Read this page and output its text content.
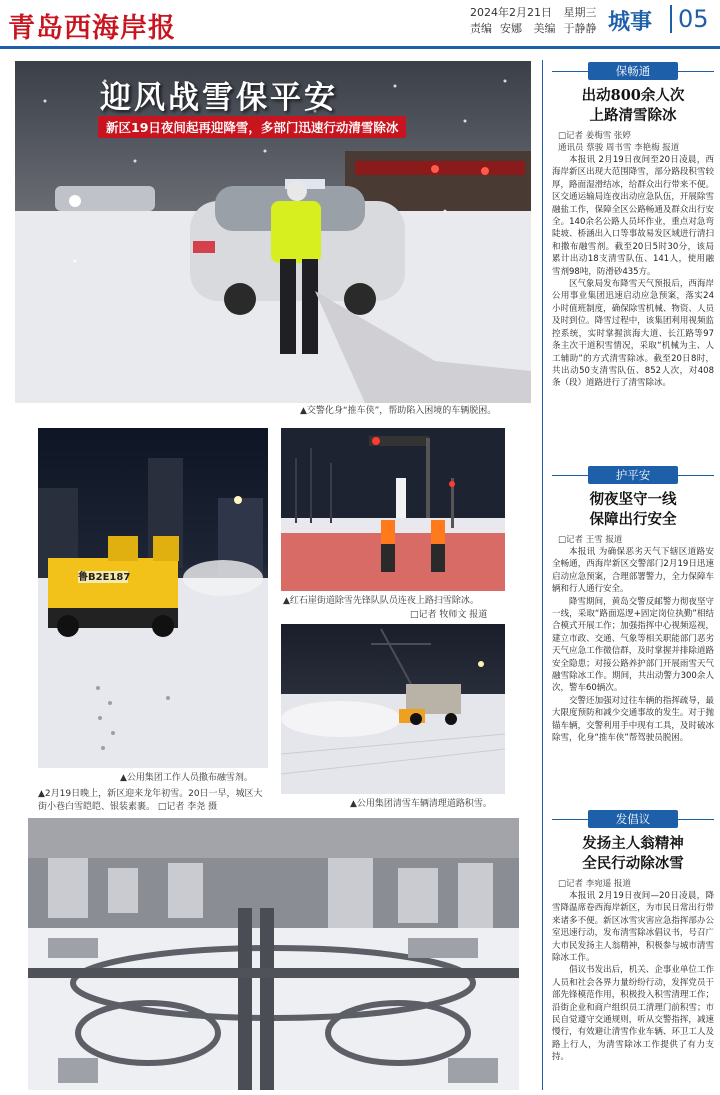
青岛西海岸报
2024年2月21日 星期三
责编 安娜 美编 于静静 城事	05
迎风战雪保平安
新区19日夜间起再迎降雪，多部门迅速行动清雪除冰
▲交警化身“推车侠”，帮助陷入困境的车辆脱困。
鲁B2E187
▲公用集团工作人员撒布融雪剂。
▲2月19日晚上，新区迎来龙年初雪。20日一早，城区大街小巷白雪皑皑、银装素裹。 □记者 李尧 摄
▲红石崖街道除雪先锋队队员连夜上路扫雪除冰。
□记者 牧师文 报道
▲公用集团清雪车辆清理道路积雪。
保畅通
出动800余人次
上路清雪除冰
□记者 姜梅雪 张婷
通讯员 蔡骏 周书雪 李艳梅 报道

本报讯 2月19日夜间至20日凌晨，西海岸新区出现大范围降雪，部分路段积雪较厚，路面湿滑结冰，给群众出行带来不便。区交通运输局连夜出动应急队伍，开展除雪融盐工作，保障全区公路畅通及群众出行安全。140余名公路人员坏作业，重点对急弯陡坡、桥涵出入口等事故易发区域进行清扫和撒布融雪剂。截至20日5时30分，该局累计出动18支清雪队伍、141人，使用融雪剂98吨，防滑砂435方。

区气象局发布降雪天气预报后，西海岸公用事业集团迅速启动应急预案，落实24小时值班制度，确保除雪机械、物资、人员及时到位。降雪过程中，该集团利用视频监控系统，实时掌握滨海大道、长江路等97条主次干道积雪情况，采取“机械为主、人工辅助”的方式清雪除冰。截至20日8时，共出动50支清雪队伍、852人次，对408条（段）道路进行了清雪除冰。

护平安
彻夜坚守一线
保障出行安全
□记者 王雪 报道

本报讯 为确保恶劣天气下辖区道路安全畅通，西海岸新区交警部门2月19日迅速启动应急预案，合理部署警力，全力保障车辆和行人通行安全。

降雪期间，黄岛交警反邮警力彻夜坚守一线，采取“路面巡逻+固定岗位执勤”相结合模式开展工作；加强指挥中心视频巡视，建立市政、交通、气象等相关职能部门恶劣天气应急工作微信群，及时掌握并排除道路安全隐患；对接公路养护部门开展雨雪天气融雪除冰工作。期间，共出动警力300余人次，警车60辆次。

交警还加强对过往车辆的指挥疏导，最大限度预防和减少交通事故的发生。对于抛锚车辆，交警利用手中现有工具，及时破冰除雪，化身“推车侠”帮驾驶员脱困。

发倡议
发扬主人翁精神
全民行动除冰雪
□记者 李宛遥 报道

本报讯 2月19日夜间—20日凌晨，降雪降温席卷西海岸新区，为市民日常出行带来诸多不便。新区冰雪灾害应急指挥部办公室迅速行动，发布清雪除冰倡议书，号召广大市民发扬主人翁精神，积极参与城市清雪除冰工作。

倡议书发出后，机关、企事业单位工作人员和社会各界力量纷纷行动，发挥党员干部先锋模范作用，积极投入积雪清理工作；沿街企业和商户组织员工清理门前积雪；市民自觉遵守交通规则，听从交警指挥，减速慢行，有效避让清雪作业车辆、环卫工人及路上行人，为清雪除冰工作提供了有力支持。
